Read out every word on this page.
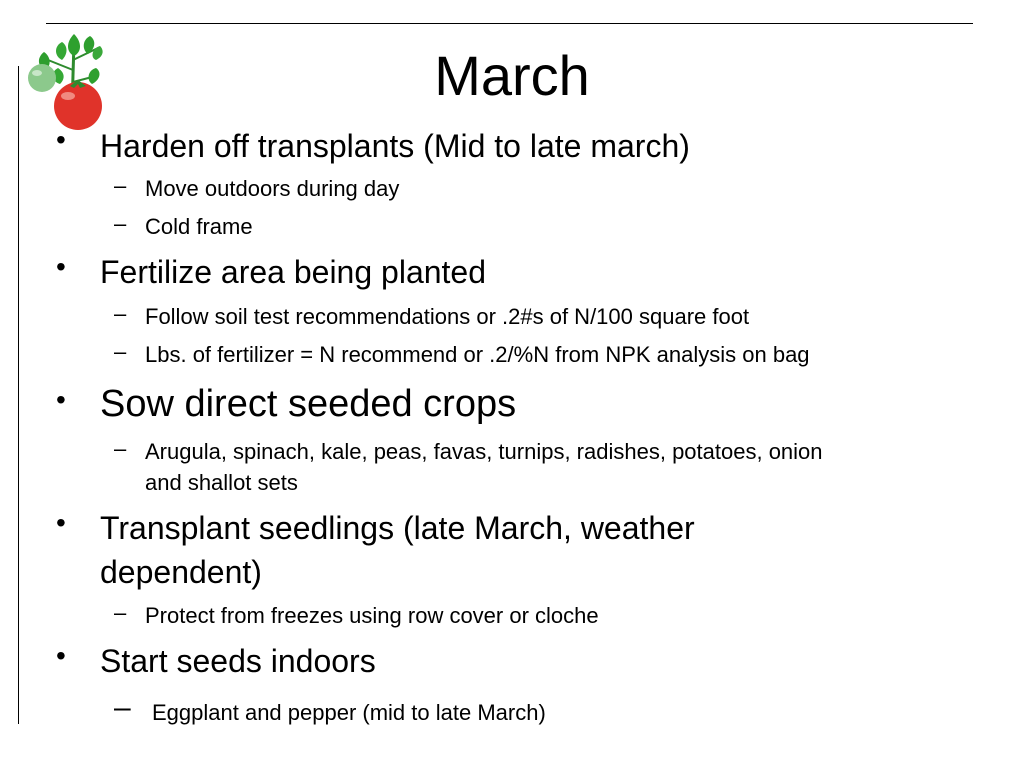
March
• Harden off transplants (Mid to late march)
– Move outdoors during day
– Cold frame
• Fertilize area being planted
– Follow soil test recommendations or .2#s of N/100 square foot
– Lbs. of fertilizer = N recommend or .2/%N from NPK analysis on bag
• Sow direct seeded crops
– Arugula, spinach, kale, peas, favas, turnips, radishes, potatoes, onion
and shallot sets
• Transplant seedlings (late March, weather
dependent)
– Protect from freezes using row cover or cloche
• Start seeds indoors
– Eggplant and pepper (mid to late March)
